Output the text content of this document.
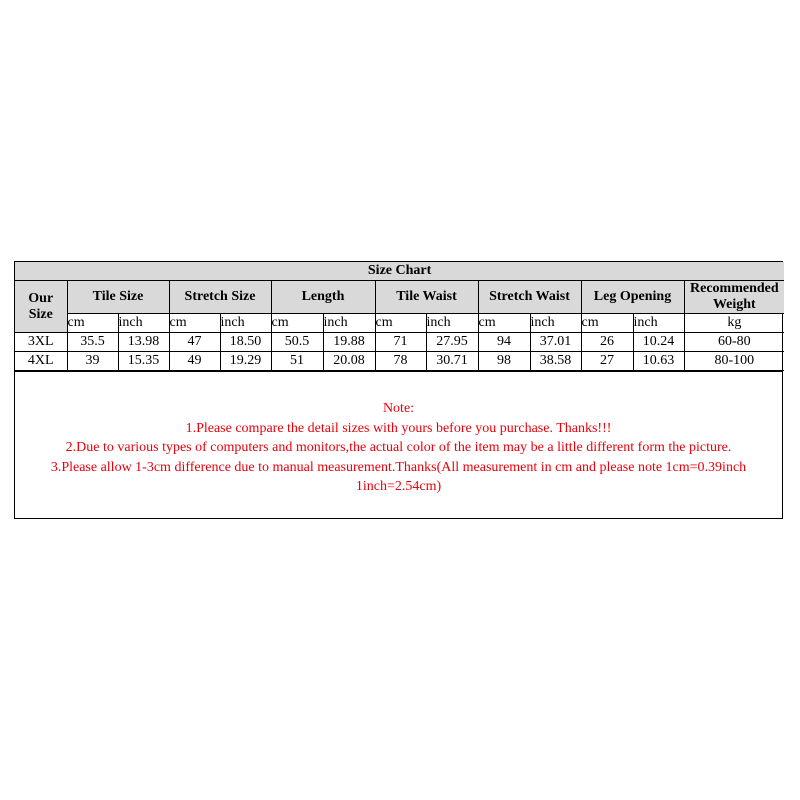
Size Chart													
Our
Size	Tile Size		Stretch Size		Length		Tile Waist		Stretch Waist		Leg Opening		Recommended
Weight
	cm	inch	cm	inch	cm	inch	cm	inch	cm	inch	cm	inch	kg
3XL	35.5	13.98	47	18.50	50.5	19.88	71	27.95	94	37.01	26	10.24	60-80
4XL	39	15.35	49	19.29	51	20.08	78	30.71	98	38.58	27	10.63	80-100
Note:
1.Please compare the detail sizes with yours before you purchase. Thanks!!!
2.Due to various types of computers and monitors,the actual color of the item may be a little different form the picture.
3.Please allow 1-3cm difference due to manual measurement.Thanks(All measurement in cm and please note 1cm=0.39inch
1inch=2.54cm)
